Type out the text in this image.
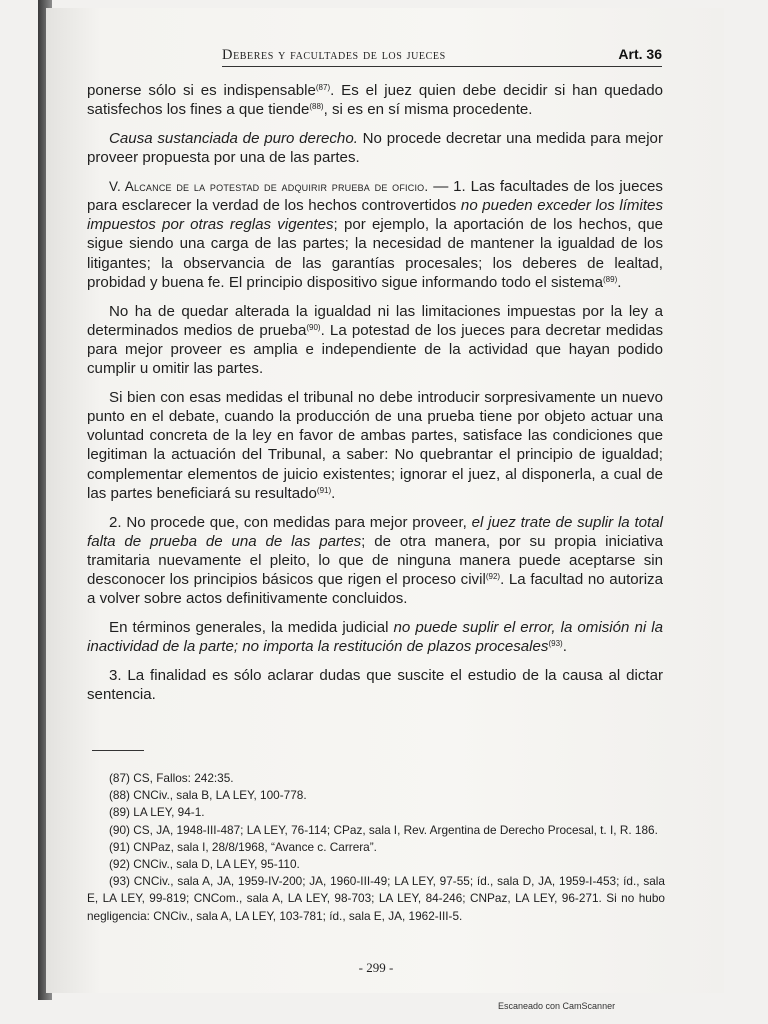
Deberes y facultades de los jueces	Art. 36

ponerse sólo si es indispensable$^{(87)}$. Es el juez quien debe decidir si han quedado satisfechos los fines a que tiende$^{(88)}$, si es en sí misma procedente.

Causa sustanciada de puro derecho. No procede decretar una medida para mejor proveer propuesta por una de las partes.

V. Alcance de la potestad de adquirir prueba de oficio. — 1. Las facultades de los jueces para esclarecer la verdad de los hechos controvertidos no pueden exceder los límites impuestos por otras reglas vigentes; por ejemplo, la aportación de los hechos, que sigue siendo una carga de las partes; la necesidad de mantener la igualdad de los litigantes; la observancia de las garantías procesales; los deberes de lealtad, probidad y buena fe. El principio dispositivo sigue informando todo el sistema$^{(89)}$.

No ha de quedar alterada la igualdad ni las limitaciones impuestas por la ley a determinados medios de prueba$^{(90)}$. La potestad de los jueces para decretar medidas para mejor proveer es amplia e independiente de la actividad que hayan podido cumplir u omitir las partes.

Si bien con esas medidas el tribunal no debe introducir sorpresivamente un nuevo punto en el debate, cuando la producción de una prueba tiene por objeto actuar una voluntad concreta de la ley en favor de ambas partes, satisface las condiciones que legitiman la actuación del Tribunal, a saber: No quebrantar el principio de igualdad; complementar elementos de juicio existentes; ignorar el juez, al disponerla, a cual de las partes beneficiará su resultado$^{(91)}$.

2. No procede que, con medidas para mejor proveer, el juez trate de suplir la total falta de prueba de una de las partes; de otra manera, por su propia iniciativa tramitaria nuevamente el pleito, lo que de ninguna manera puede aceptarse sin desconocer los principios básicos que rigen el proceso civil$^{(92)}$. La facultad no autoriza a volver sobre actos definitivamente concluidos.

En términos generales, la medida judicial no puede suplir el error, la omisión ni la inactividad de la parte; no importa la restitución de plazos procesales$^{(93)}$.

3. La finalidad es sólo aclarar dudas que suscite el estudio de la causa al dictar sentencia.

(87) CS, Fallos: 242:35.
(88) CNCiv., sala B, LA LEY, 100-778.
(89) LA LEY, 94-1.
(90) CS, JA, 1948-III-487; LA LEY, 76-114; CPaz, sala I, Rev. Argentina de Derecho Procesal, t. I, R. 186.
(91) CNPaz, sala I, 28/8/1968, “Avance c. Carrera”.
(92) CNCiv., sala D, LA LEY, 95-110.
(93) CNCiv., sala A, JA, 1959-IV-200; JA, 1960-III-49; LA LEY, 97-55; íd., sala D, JA, 1959-I-453; íd., sala E, LA LEY, 99-819; CNCom., sala A, LA LEY, 98-703; LA LEY, 84-246; CNPaz, LA LEY, 96-271. Si no hubo negligencia: CNCiv., sala A, LA LEY, 103-781; íd., sala E, JA, 1962-III-5.
- 299 -
Escaneado con CamScanner
